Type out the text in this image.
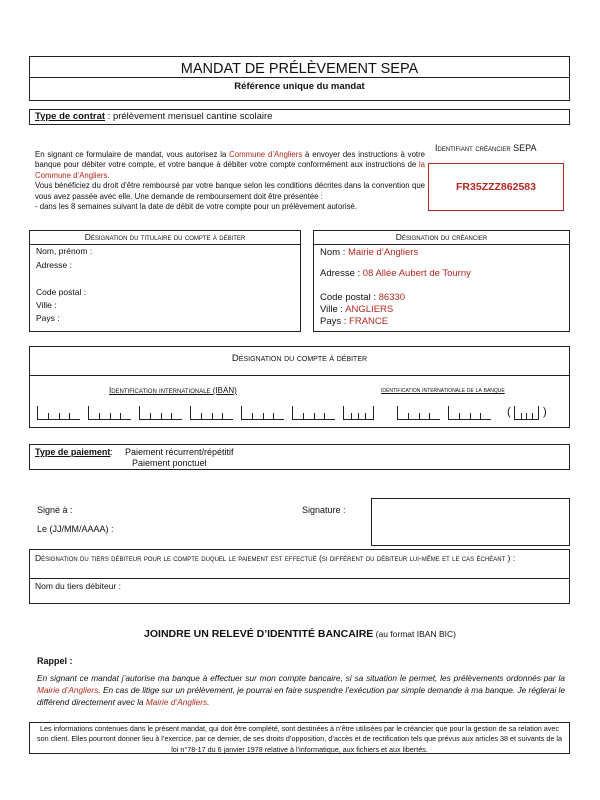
MANDAT DE PRÉLÈVEMENT SEPA
Référence unique du mandat
Type de contrat : prélèvement mensuel cantine scolaire

En signant ce formulaire de mandat, vous autorisez la Commune d’Angliers à envoyer des instructions à votre banque pour débiter votre compte, et votre banque à débiter votre compte conformément aux instructions de la Commune d’Angliers.

Vous bénéficiez du droit d’être remboursé par votre banque selon les conditions décrites dans la convention que vous avez passée avec elle. Une demande de remboursement doit être présentée :

- dans les 8 semaines suivant la date de débit de votre compte pour un prélèvement autorisé.

Identifiant créancier SEPA
FR35ZZZ862583
Désignation du titulaire du compte à débiter
Nom, prénom :
Adresse :
Code postal :
Ville :
Pays :
Désignation du créancier
Nom : Mairie d’Angliers
Adresse : 08 Allée Aubert de Tourny
Code postal : 86330
Ville : ANGLIERS
Pays : FRANCE
Désignation du compte à débiter
Identification internationale (IBAN)	identification internationale de la banque
(	)
Type de paiement: Paiement récurrent/répétitif
Paiement ponctuel
Signé à :
Le (JJ/MM/AAAA) :
Signature :
Désignation du tiers débiteur pour le compte duquel le paiement est effectué (si différent du débiteur lui-même et le cas échéant ) :
Nom du tiers débiteur :
JOINDRE UN RELEVÉ D’IDENTITÉ BANCAIRE (au format IBAN BIC)
Rappel :

En signant ce mandat j’autorise ma banque à effectuer sur mon compte bancaire, si sa situation le permet, les prélèvements ordonnés par la Mairie d’Angliers. En cas de litige sur un prélèvement, je pourrai en faire suspendre l’exécution par simple demande à ma banque. Je réglerai le différend directement avec la Mairie d’Angliers.

Les informations contenues dans le présent mandat, qui doit être complété, sont destinées à n’être utilisées par le créancier que pour la gestion de sa relation avec son client. Elles pourront donner lieu à l’exercice, par ce dernier, de ses droits d’opposition, d’accès et de rectification tels que prévus aux articles 38 et suivants de la loi n°78-17 du 6 janvier 1978 relative à l’informatique, aux fichiers et aux libertés.
